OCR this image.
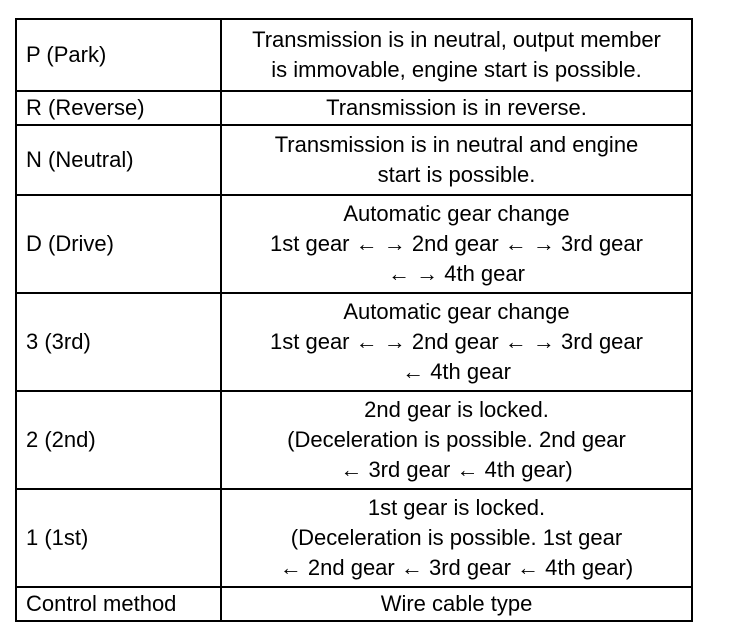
P (Park)	Transmission is in neutral, output member
is immovable, engine start is possible.

R (Reverse)	Transmission is in reverse.

N (Neutral)	Transmission is in neutral and engine
start is possible.

D (Drive)	Automatic gear change
1st gear ← → 2nd gear ← → 3rd gear
← → 4th gear

3 (3rd)	Automatic gear change
1st gear ← → 2nd gear ← → 3rd gear
← 4th gear

2 (2nd)	2nd gear is locked.
(Deceleration is possible. 2nd gear
← 3rd gear ← 4th gear)

1 (1st)	1st gear is locked.
(Deceleration is possible. 1st gear
← 2nd gear ← 3rd gear ← 4th gear)

Control method	Wire cable type
